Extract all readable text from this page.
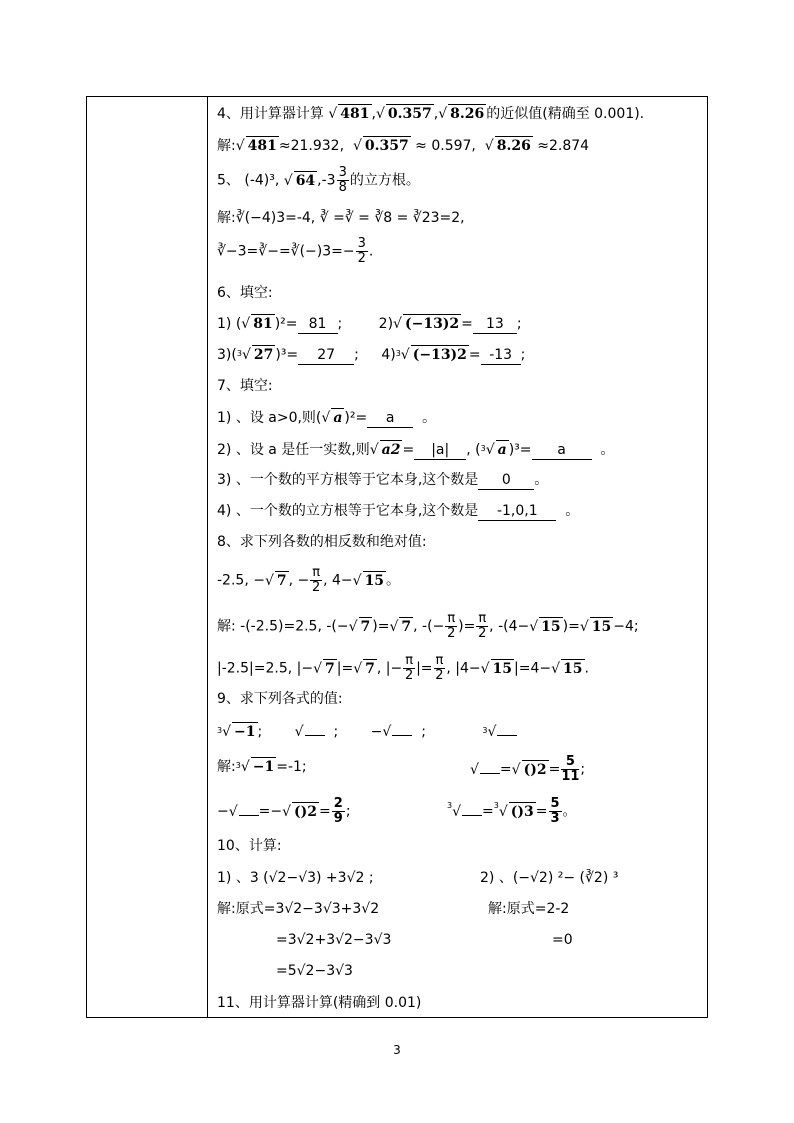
4、用计算器计算 √ 481 , √ 0.357 , √ 8.26 的近似值(精确至 0.001).
解: √ 481 ≈21.932, √ 0.357 ≈ 0.597, √ 8.26 ≈2.874
5、 (-4)³, √ 64 $,-3 \frac{3}{8}$ 的立方根。
解:∛(−4)3=-4, ∛ =∛ = ∛8 = ∛23=2,
∛−3=∛−=∛(−)3=− $\frac{3}{2}$ .
6、填空:
1) ( √ 81 )²= 81 ;	2) √ (−13)2 = 13 ;
3)($^3$ √ 27 )³= 27 ; 4)$^3$ √ (−13)2 = -13 ;
7、填空:
1) 、设 a>0,则( √ a )²= a 。
2) 、设 a 是任一实数,则 √ a2 = |a| , ($^3$ √ a )³= a 。
3) 、一个数的平方根等于它本身,这个数是 0 。
4) 、一个数的立方根等于它本身,这个数是 -1,0,1 。
8、求下列各数的相反数和绝对值:
-2.5, − √ 7 , − $\frac{\pi}{2}$ , 4− √ 15 。
解: -(-2.5)=2.5, -(− √ 7 )= √ 7 , -(− $\frac{\pi}{2}$ )= $\frac{\pi}{2}$ , -(4− √ 15 )= √ 15 −4;
|-2.5|=2.5, |− √ 7 |= √ 7 , |− $\frac{\pi}{2}$ |= $\frac{\pi}{2}$ , |4− √ 15 |=4− √ 15 .
9、求下列各式的值:
$^3$ √ −1 ; √	; − √	;	$^3$√
解:$^3$ √ −1 =-1; √	= √ $()2 = \frac{5}{11}$ ;
− √ =− √ $()2 = \frac{2}{9}$ ;	$^3$ √ =$^3$ √ $()3 = \frac{5}{3}$ 。
10、计算:
1) 、3 (√2−√3) +3√2 ;	2) 、(−√2) ²− (∛2) ³
解:原式=3√2−3√3+3√2	解:原式=2-2
=3√2+3√2−3√3	=0
=5√2−3√3
11、用计算器计算(精确到 0.01)
3
